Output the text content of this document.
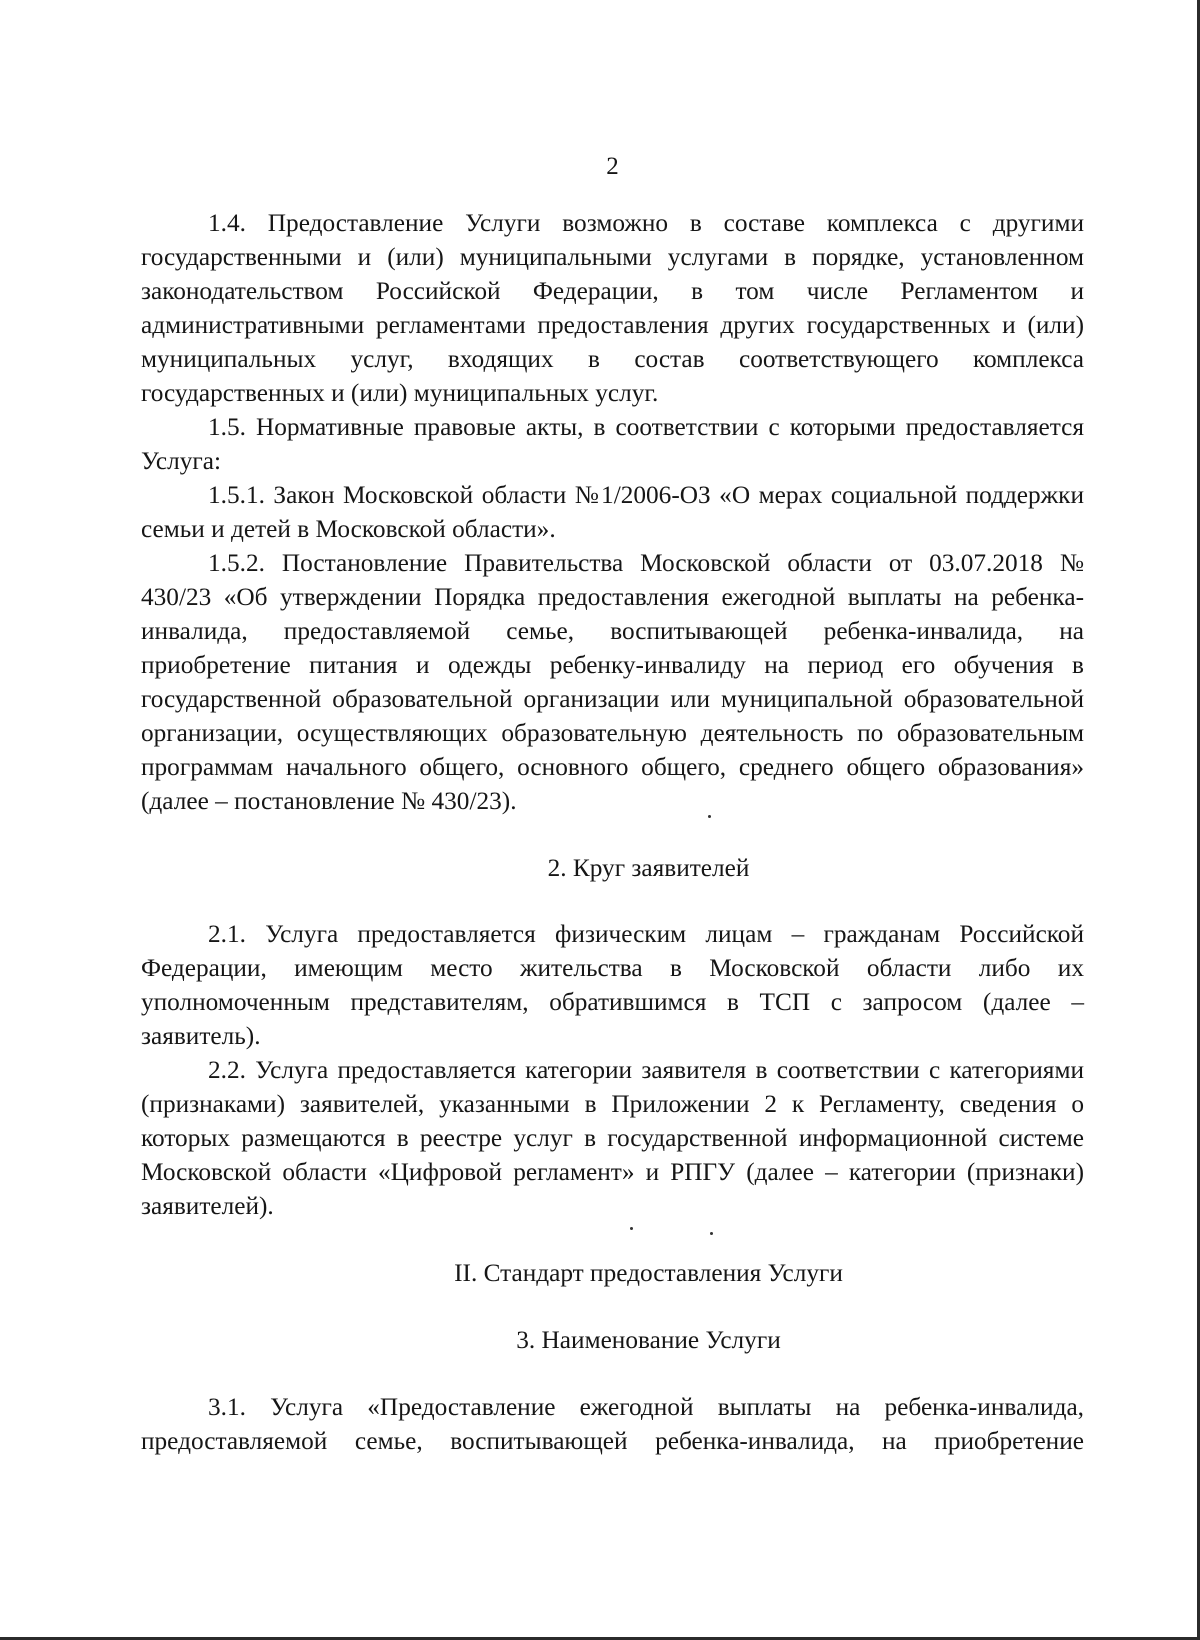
2

1.4. Предоставление Услуги возможно в составе комплекса с другими государственными и (или) муниципальными услугами в порядке, установленном законодательством Российской Федерации, в том числе Регламентом и административными регламентами предоставления других государственных и (или) муниципальных услуг, входящих в состав соответствующего комплекса государственных и (или) муниципальных услуг.

1.5. Нормативные правовые акты, в соответствии с которыми предоставляется Услуга:

1.5.1. Закон Московской области №1/2006-ОЗ «О мерах социальной поддержки семьи и детей в Московской области».

1.5.2. Постановление Правительства Московской области от 03.07.2018 № 430/23 «Об утверждении Порядка предоставления ежегодной выплаты на ребенка-инвалида, предоставляемой семье, воспитывающей ребенка-инвалида, на приобретение питания и одежды ребенку-инвалиду на период его обучения в государственной образовательной организации или муниципальной образовательной организации, осуществляющих образовательную деятельность по образовательным программам начального общего, основного общего, среднего общего образования» (далее – постановление № 430/23).

2. Круг заявителей

2.1. Услуга предоставляется физическим лицам – гражданам Российской Федерации, имеющим место жительства в Московской области либо их уполномоченным представителям, обратившимся в ТСП с запросом (далее – заявитель).

2.2. Услуга предоставляется категории заявителя в соответствии с категориями (признаками) заявителей, указанными в Приложении 2 к Регламенту, сведения о которых размещаются в реестре услуг в государственной информационной системе Московской области «Цифровой регламент» и РПГУ (далее – категории (признаки) заявителей).

II. Стандарт предоставления Услуги
3. Наименование Услуги

3.1. Услуга «Предоставление ежегодной выплаты на ребенка-инвалида, предоставляемой семье, воспитывающей ребенка-инвалида, на приобретение
